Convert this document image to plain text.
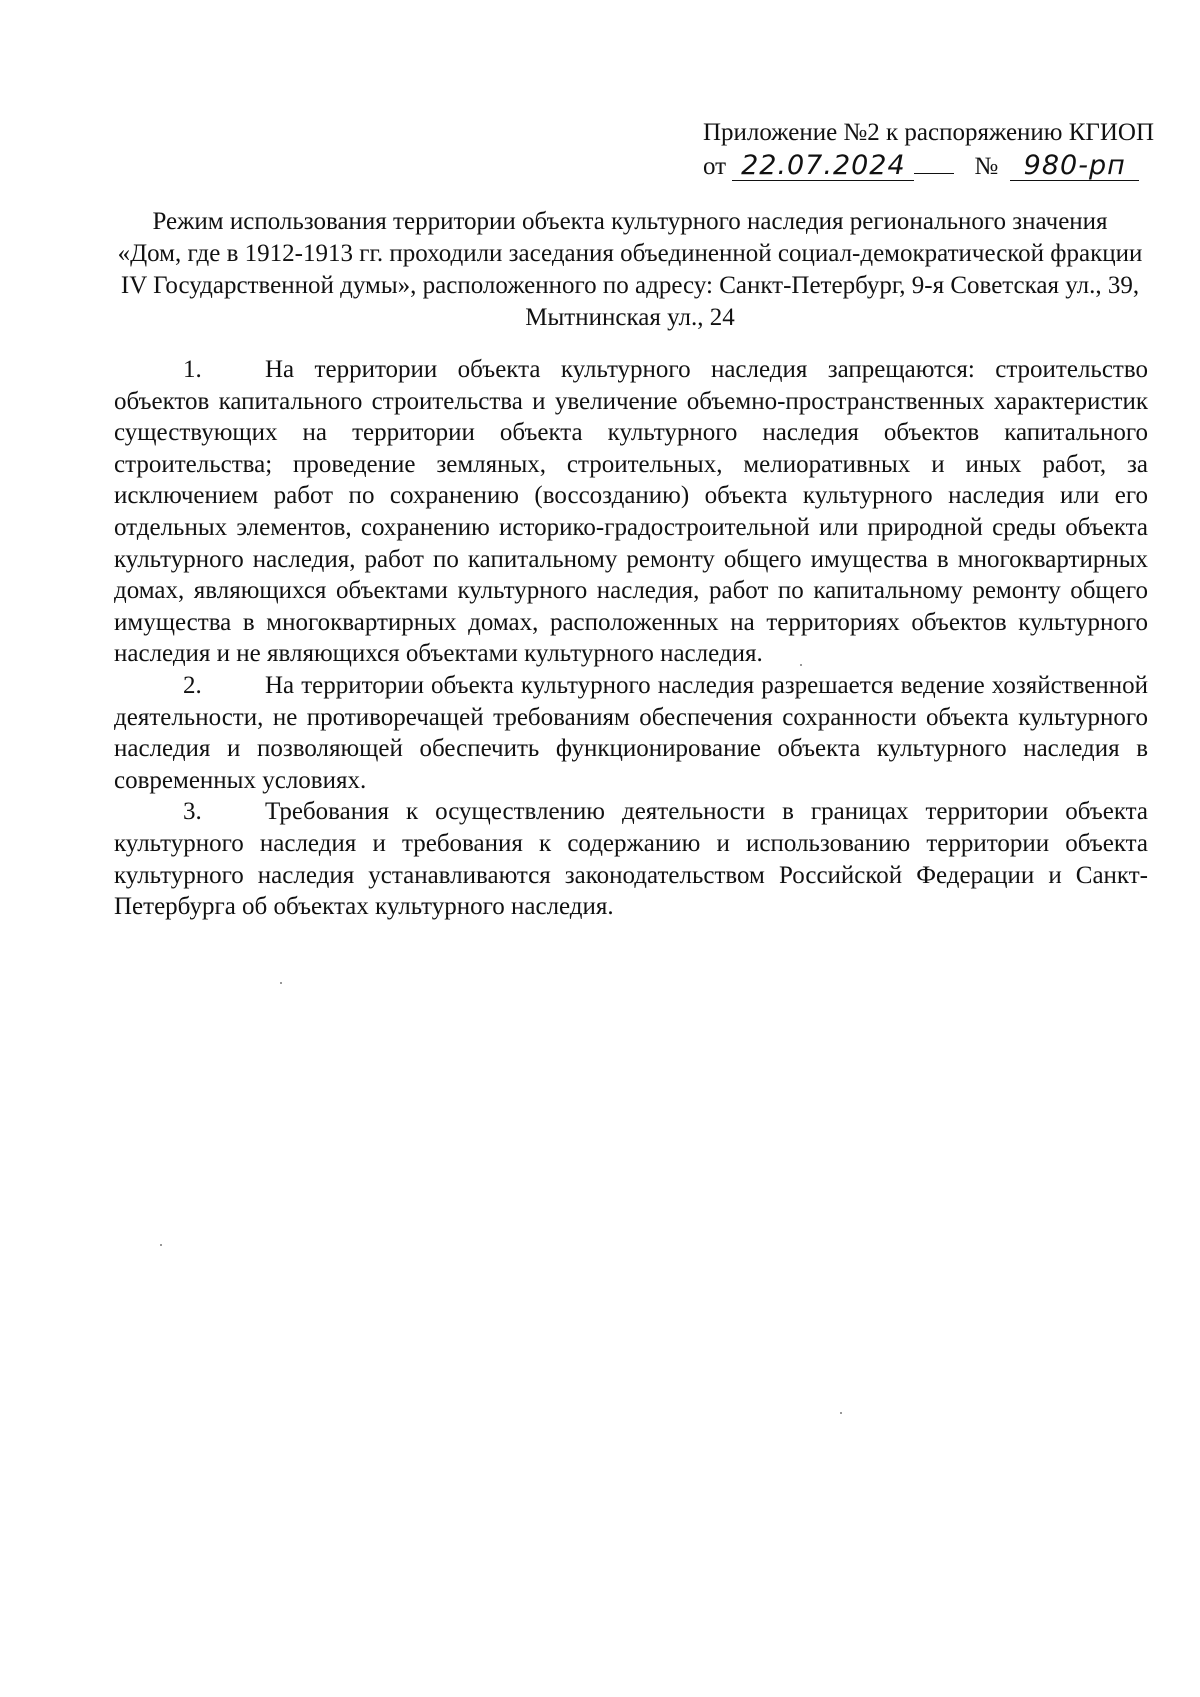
Приложение №2 к распоряжению КГИОП
от 22.07.2024	№ 980-рп
Режим использования территории объекта культурного наследия регионального значения
«Дом, где в 1912-1913 гг. проходили заседания объединенной социал-демократической фракции
IV Государственной думы», расположенного по адресу: Санкт-Петербург, 9-я Советская ул., 39,
Мытнинская ул., 24

1.	На территории объекта культурного наследия запрещаются: строительство объектов капитального строительства и увеличение объемно-пространственных характеристик существующих на территории объекта культурного наследия объектов капитального строительства; проведение земляных, строительных, мелиоративных и иных работ, за исключением работ по сохранению (воссозданию) объекта культурного наследия или его отдельных элементов, сохранению историко-градостроительной или природной среды объекта культурного наследия, работ по капитальному ремонту общего имущества в многоквартирных домах, являющихся объектами культурного наследия, работ по капитальному ремонту общего имущества в многоквартирных домах, расположенных на территориях объектов культурного наследия и не являющихся объектами культурного наследия.

2.	На территории объекта культурного наследия разрешается ведение хозяйственной деятельности, не противоречащей требованиям обеспечения сохранности объекта культурного наследия и позволяющей обеспечить функционирование объекта культурного наследия в современных условиях.

3.	Требования к осуществлению деятельности в границах территории объекта культурного наследия и требования к содержанию и использованию территории объекта культурного наследия устанавливаются законодательством Российской Федерации и Санкт-Петербурга об объектах культурного наследия.
